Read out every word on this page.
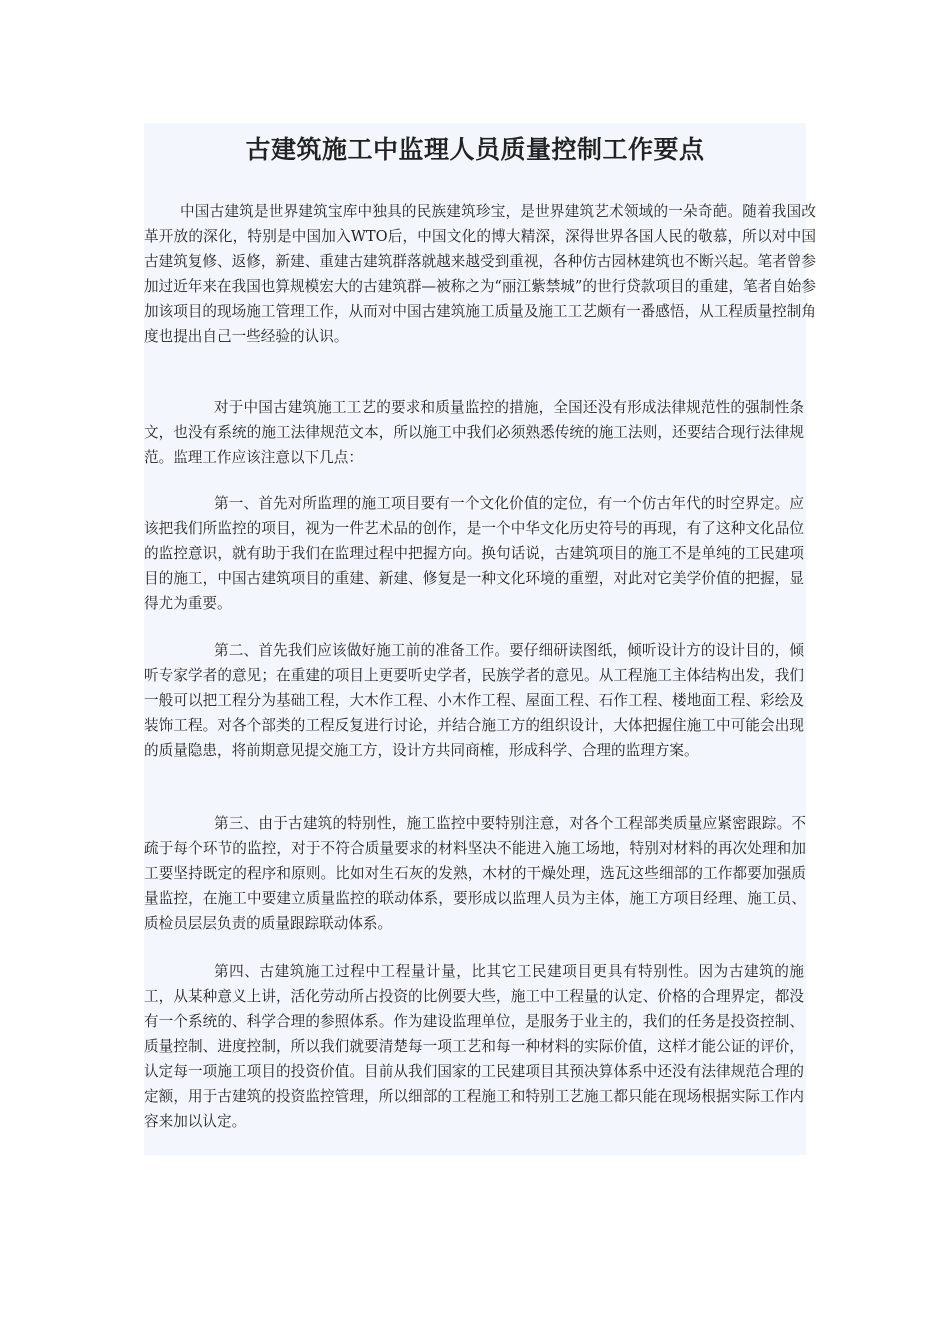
古建筑施工中监理人员质量控制工作要点

中国古建筑是世界建筑宝库中独具的民族建筑珍宝，是世界建筑艺术领域的一朵奇葩。随着我国改革开放的深化，特别是中国加入WTO后，中国文化的博大精深，深得世界各国人民的敬慕，所以对中国古建筑复修、返修，新建、重建古建筑群落就越来越受到重视，各种仿古园林建筑也不断兴起。笔者曾参加过近年来在我国也算规模宏大的古建筑群—被称之为“丽江紫禁城”的世行贷款项目的重建，笔者自始参加该项目的现场施工管理工作，从而对中国古建筑施工质量及施工工艺颇有一番感悟，从工程质量控制角度也提出自己一些经验的认识。

对于中国古建筑施工工艺的要求和质量监控的措施，全国还没有形成法律规范性的强制性条文，也没有系统的施工法律规范文本，所以施工中我们必须熟悉传统的施工法则，还要结合现行法律规范。监理工作应该注意以下几点：

第一、首先对所监理的施工项目要有一个文化价值的定位，有一个仿古年代的时空界定。应该把我们所监控的项目，视为一件艺术品的创作，是一个中华文化历史符号的再现，有了这种文化品位的监控意识，就有助于我们在监理过程中把握方向。换句话说，古建筑项目的施工不是单纯的工民建项目的施工，中国古建筑项目的重建、新建、修复是一种文化环境的重塑，对此对它美学价值的把握，显得尤为重要。

第二、首先我们应该做好施工前的准备工作。要仔细研读图纸，倾听设计方的设计目的，倾听专家学者的意见；在重建的项目上更要听史学者，民族学者的意见。从工程施工主体结构出发，我们一般可以把工程分为基础工程，大木作工程、小木作工程、屋面工程、石作工程、楼地面工程、彩绘及装饰工程。对各个部类的工程反复进行讨论，并结合施工方的组织设计，大体把握住施工中可能会出现的质量隐患，将前期意见提交施工方，设计方共同商榷，形成科学、合理的监理方案。

第三、由于古建筑的特别性，施工监控中要特别注意，对各个工程部类质量应紧密跟踪。不疏于每个环节的监控，对于不符合质量要求的材料坚决不能进入施工场地，特别对材料的再次处理和加工要坚持既定的程序和原则。比如对生石灰的发熟，木材的干燥处理，选瓦这些细部的工作都要加强质量监控，在施工中要建立质量监控的联动体系，要形成以监理人员为主体，施工方项目经理、施工员、质检员层层负责的质量跟踪联动体系。

第四、古建筑施工过程中工程量计量，比其它工民建项目更具有特别性。因为古建筑的施工，从某种意义上讲，活化劳动所占投资的比例要大些，施工中工程量的认定、价格的合理界定，都没有一个系统的、科学合理的参照体系。作为建设监理单位，是服务于业主的，我们的任务是投资控制、质量控制、进度控制，所以我们就要清楚每一项工艺和每一种材料的实际价值，这样才能公证的评价，认定每一项施工项目的投资价值。目前从我们国家的工民建项目其预决算体系中还没有法律规范合理的定额，用于古建筑的投资监控管理，所以细部的工程施工和特别工艺施工都只能在现场根据实际工作内容来加以认定。
